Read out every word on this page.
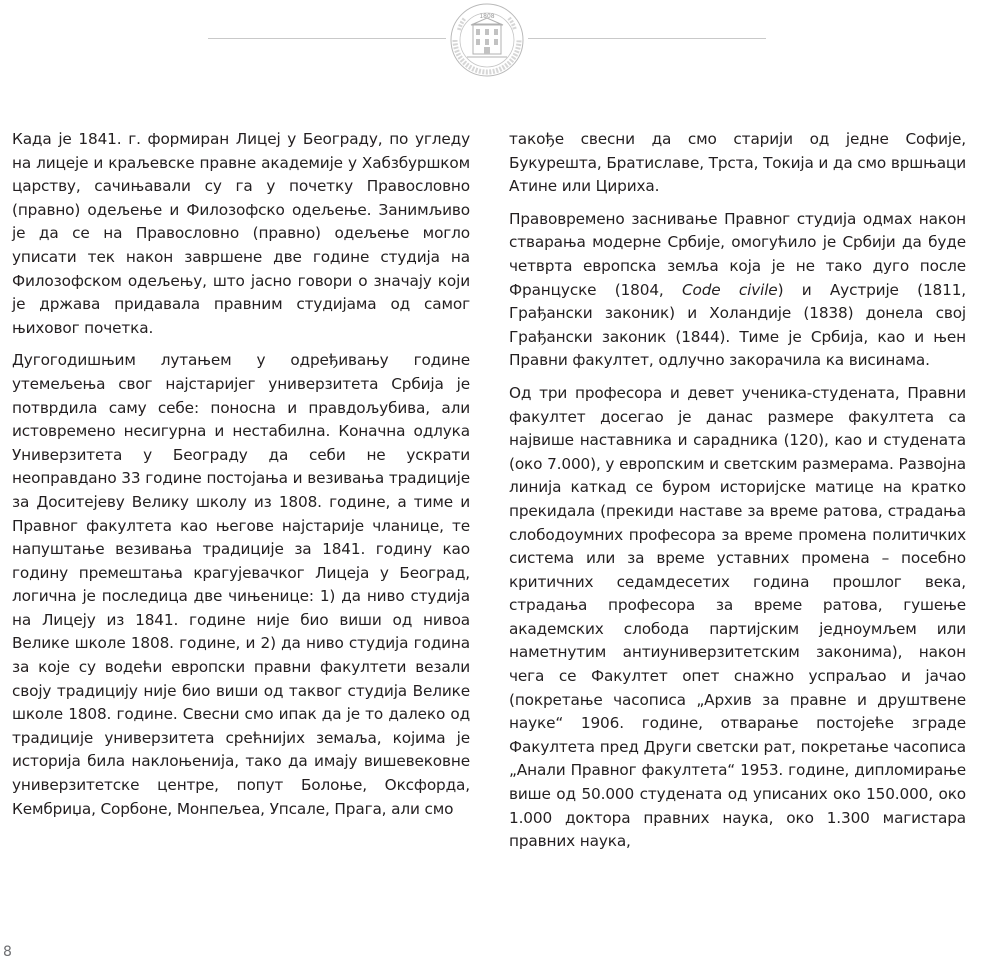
1808

Када је 1841. г. формиран Лицеј у Београду, по угледу на лицеје и краљевске правне академије у Хабзбуршком царству, сачињавали су га у почетку Правословно (правно) одељење и Филозофско одељење. Занимљиво је да се на Правословно (правно) одељење могло уписати тек након завршене две године студија на Филозофском одељењу, што јасно говори о значају који је држава придавала правним студијама од самог њиховог почетка.

Дугогодишњим лутањем у одређивању године утемељења свог најстаријег универзитета Србија је потврдила саму себе: поносна и правдољубива, али истовремено несигурна и нестабилна. Коначна одлука Универзитета у Београду да себи не ускрати неоправдано 33 године постојања и везивања традиције за Доситејеву Велику школу из 1808. године, а тиме и Правног факултета као његове најстарије чланице, те напуштање везивања традиције за 1841. годину као годину премештања крагујевачког Лицеја у Београд, логична је последица две чињенице: 1) да ниво студија на Лицеју из 1841. године није био виши од нивоа Велике школе 1808. године, и 2) да ниво студија година за које су водећи европски правни факултети везали своју традицију није био виши од таквог студија Велике школе 1808. године. Свесни смо ипак да је то далеко од традиције универзитета срећнијих земаља, којима је историја била наклоњенија, тако да имају вишевековне универзитетске центре, попут Болоње, Оксфорда, Кембриџа, Сорбоне, Монпељеа, Упсале, Прага, али смо

такође свесни да смо старији од једне Софије, Букурешта, Братиславе, Трста, Токија и да смо вршњаци Атине или Цириха.

Правовремено заснивање Правног студија одмах након стварања модерне Србије, омогућило је Србији да буде четврта европска земља која је не тако дуго после Француске (1804, Code civile) и Аустрије (1811, Грађански законик) и Холандије (1838) донела свој Грађански законик (1844). Тиме је Србија, као и њен Правни факултет, одлучно закорачила ка висинама.

Од три професора и девет ученика-студената, Правни факултет досегао је данас размере факултета са највише наставника и сарадника (120), као и студената (око 7.000), у европским и светским размерама. Развојна линија каткад се буром историјске матице на кратко прекидала (прекиди наставе за време ратова, страдања слободоумних професора за време промена политичких система или за време уставних промена – посебно критичних седамдесетих година прошлог века, страдања професора за време ратова, гушење академских слобода партијским једноумљем или наметнутим антиуниверзитетским законима), након чега се Факултет опет снажно успраљао и јачао (покретање часописа „Архив за правне и друштвене науке“ 1906. године, отварање постојеће зграде Факултета пред Други светски рат, покретање часописа „Анали Правног факултета“ 1953. године, дипломирање више од 50.000 студената од уписаних око 150.000, око 1.000 доктора правних наука, око 1.300 магистара правних наука,

8
